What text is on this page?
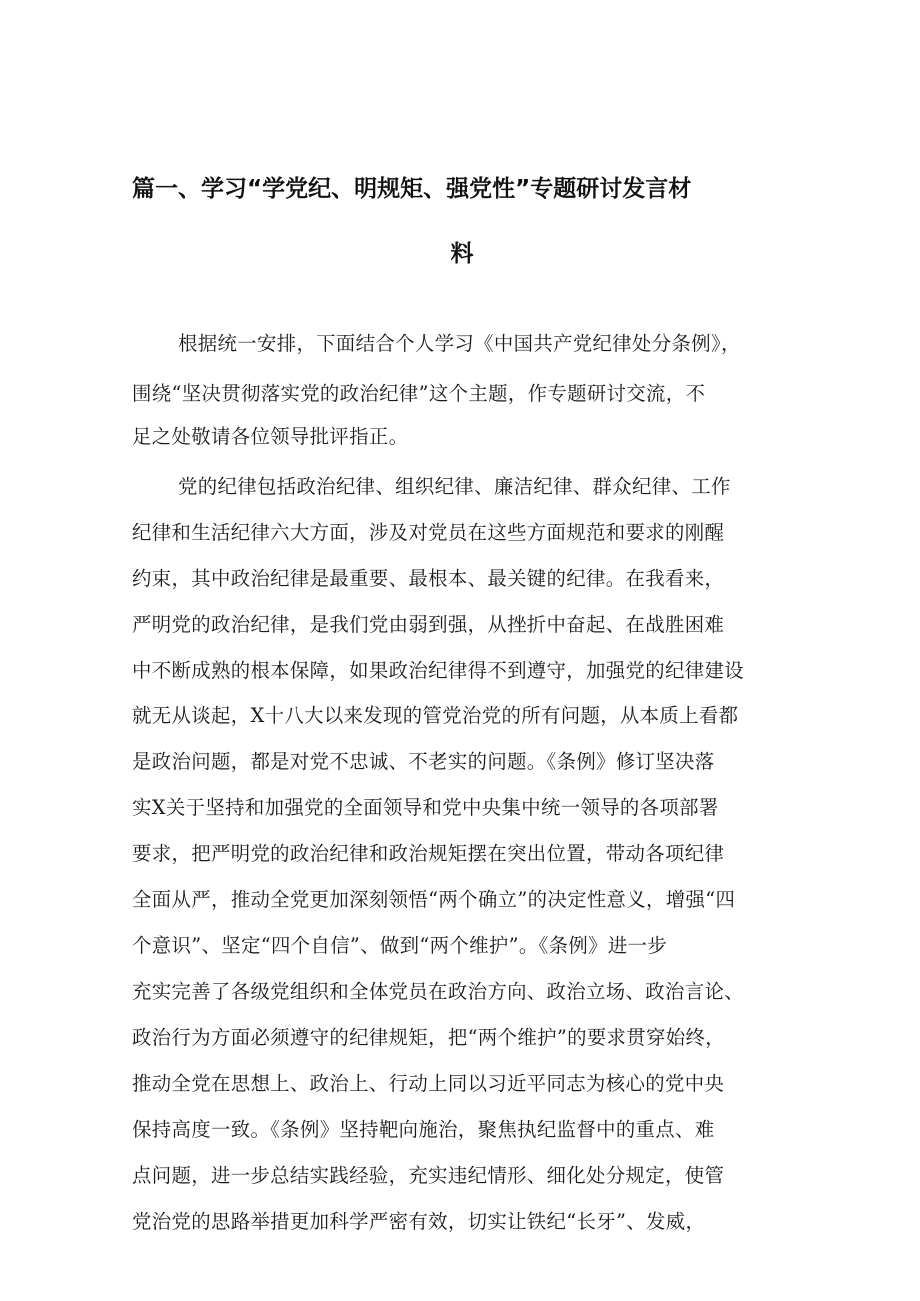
篇一、学习“学党纪、明规矩、强党性”专题研讨发言材
料
根据统一安排，下面结合个人学习《中国共产党纪律处分条例》，
围绕“坚决贯彻落实党的政治纪律”这个主题，作专题研讨交流，不
足之处敬请各位领导批评指正。
党的纪律包括政治纪律、组织纪律、廉洁纪律、群众纪律、工作
纪律和生活纪律六大方面，涉及对党员在这些方面规范和要求的刚醒
约束，其中政治纪律是最重要、最根本、最关键的纪律。在我看来，
严明党的政治纪律，是我们党由弱到强，从挫折中奋起、在战胜困难
中不断成熟的根本保障，如果政治纪律得不到遵守，加强党的纪律建设
就无从谈起，X十八大以来发现的管党治党的所有问题，从本质上看都
是政治问题，都是对党不忠诚、不老实的问题。《条例》修订坚决落
实X关于坚持和加强党的全面领导和党中央集中统一领导的各项部署
要求，把严明党的政治纪律和政治规矩摆在突出位置，带动各项纪律
全面从严，推动全党更加深刻领悟“两个确立”的决定性意义，增强“四
个意识”、坚定“四个自信”、做到“两个维护”。《条例》进一步
充实完善了各级党组织和全体党员在政治方向、政治立场、政治言论、
政治行为方面必须遵守的纪律规矩，把“两个维护”的要求贯穿始终，
推动全党在思想上、政治上、行动上同以习近平同志为核心的党中央
保持高度一致。《条例》坚持靶向施治，聚焦执纪监督中的重点、难
点问题，进一步总结实践经验，充实违纪情形、细化处分规定，使管
党治党的思路举措更加科学严密有效，切实让铁纪“长牙”、发威，
